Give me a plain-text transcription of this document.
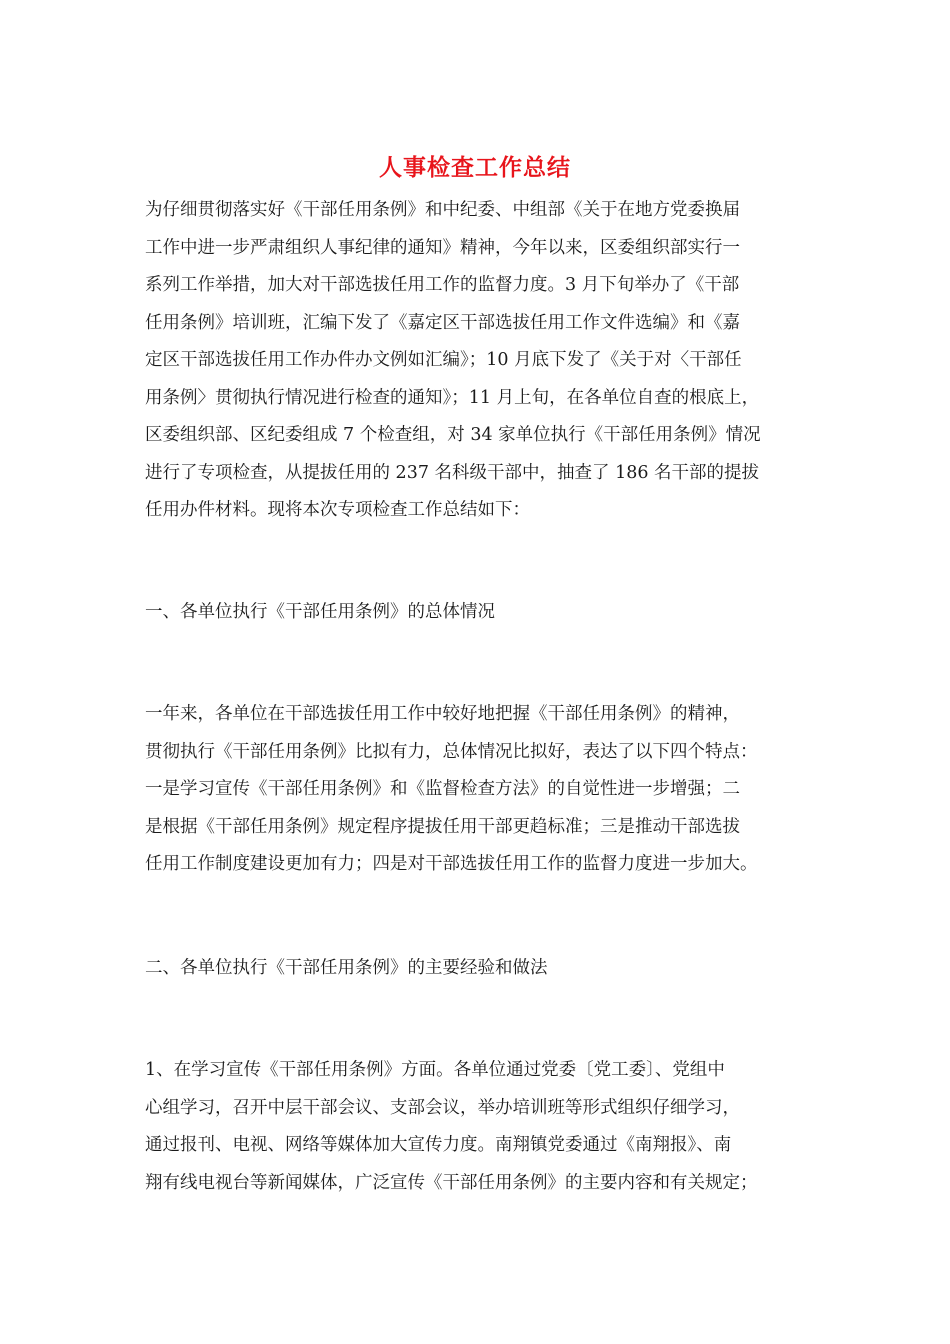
人事检查工作总结
为仔细贯彻落实好《干部任用条例》和中纪委、中组部《关于在地方党委换届
工作中进一步严肃组织人事纪律的通知》精神，今年以来，区委组织部实行一
系列工作举措，加大对干部选拔任用工作的监督力度。3 月下旬举办了《干部
任用条例》培训班，汇编下发了《嘉定区干部选拔任用工作文件选编》和《嘉
定区干部选拔任用工作办件办文例如汇编》；10 月底下发了《关于对〈干部任
用条例〉贯彻执行情况进行检查的通知》；11 月上旬，在各单位自查的根底上，
区委组织部、区纪委组成 7 个检查组，对 34 家单位执行《干部任用条例》情况
进行了专项检查，从提拔任用的 237 名科级干部中，抽查了 186 名干部的提拔
任用办件材料。现将本次专项检查工作总结如下：
一、各单位执行《干部任用条例》的总体情况
一年来，各单位在干部选拔任用工作中较好地把握《干部任用条例》的精神，
贯彻执行《干部任用条例》比拟有力，总体情况比拟好，表达了以下四个特点：
一是学习宣传《干部任用条例》和《监督检查方法》的自觉性进一步增强；二
是根据《干部任用条例》规定程序提拔任用干部更趋标准；三是推动干部选拔
任用工作制度建设更加有力；四是对干部选拔任用工作的监督力度进一步加大。
二、各单位执行《干部任用条例》的主要经验和做法
1、在学习宣传《干部任用条例》方面。各单位通过党委〔党工委〕、党组中
心组学习，召开中层干部会议、支部会议，举办培训班等形式组织仔细学习，
通过报刊、电视、网络等媒体加大宣传力度。南翔镇党委通过《南翔报》、南
翔有线电视台等新闻媒体，广泛宣传《干部任用条例》的主要内容和有关规定；
